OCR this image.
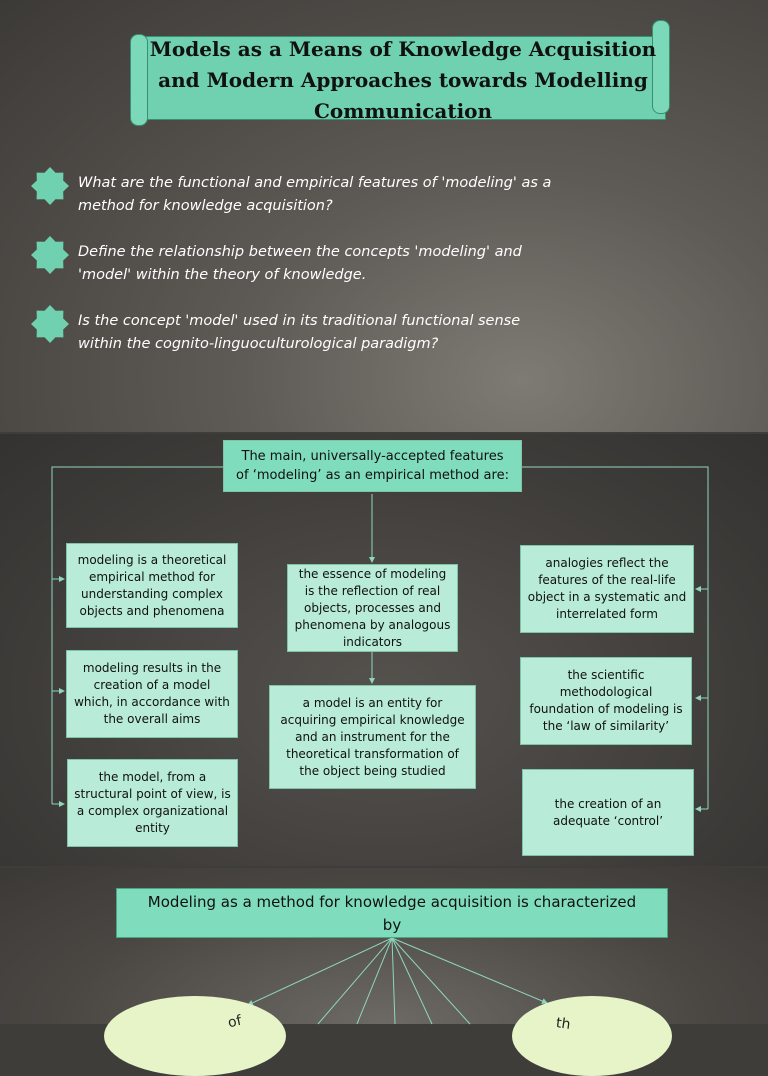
Models as a Means of Knowledge Acquisition
and Modern Approaches towards Modelling
Communication
What are the functional and empirical features of 'modeling' as a
method for knowledge acquisition?
Define the relationship between the concepts 'modeling' and
'model' within the theory of knowledge.
Is the concept 'model' used in its traditional functional sense
within the cognito-linguoculturological paradigm?
The main, universally-accepted features
of ‘modeling’ as an empirical method are:
modeling is a theoretical empirical method for understanding complex objects and phenomena
modeling results in the creation of a model which, in accordance with the overall aims
the model, from a structural point of view, is a complex organizational entity
the essence of modeling is the reflection of real objects, processes and phenomena by analogous indicators
a model is an entity for acquiring empirical knowledge and an instrument for the theoretical transformation of the object being studied
analogies reflect the features of the real-life object in a systematic and interrelated form
the scientific methodological foundation of modeling is the ‘law of similarity’
the creation of an adequate ‘control’
Modeling as a method for knowledge acquisition is characterized
by
of	th
